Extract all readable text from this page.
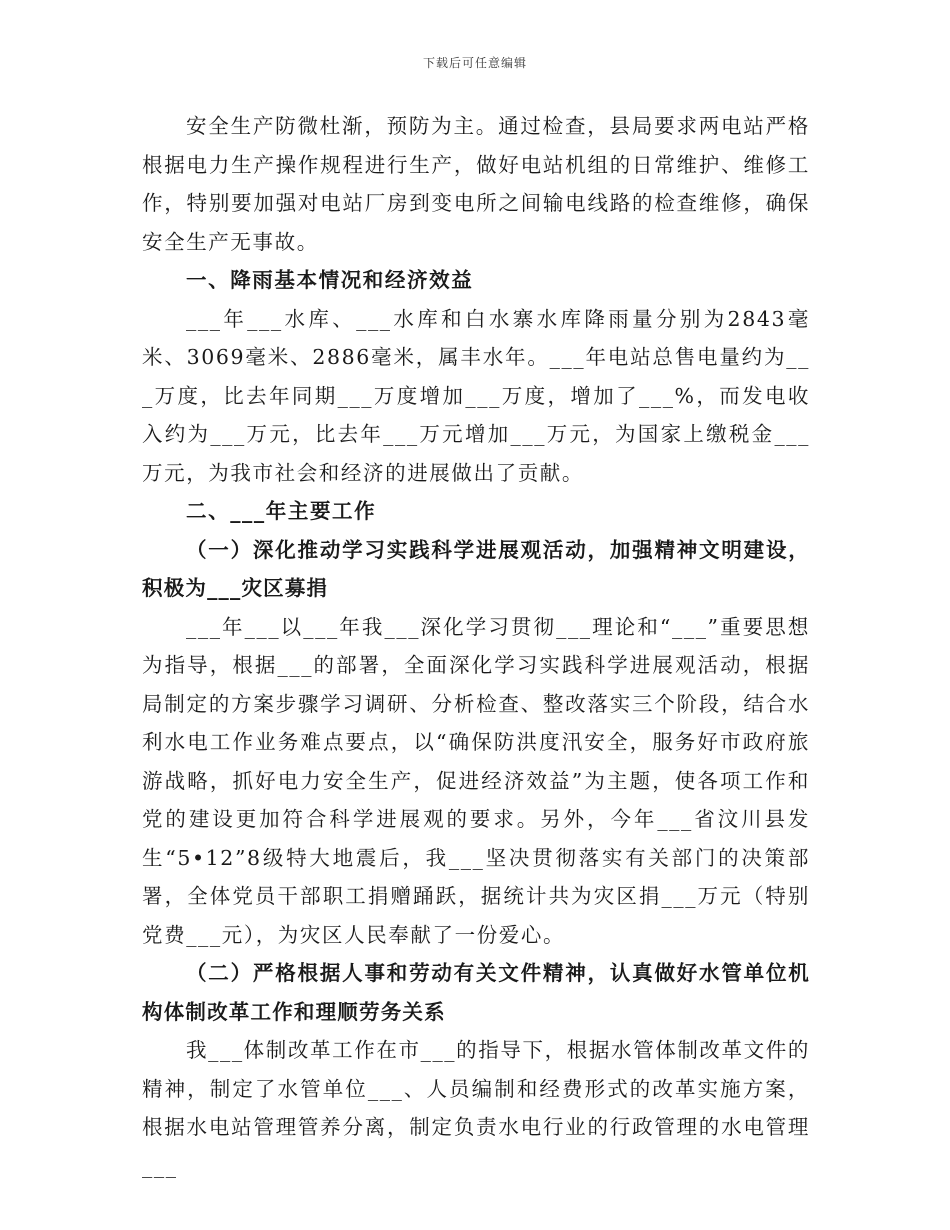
下载后可任意编辑

安全生产防微杜渐，预防为主。通过检查，县局要求两电站严格根据电力生产操作规程进行生产，做好电站机组的日常维护、维修工作，特别要加强对电站厂房到变电所之间输电线路的检查维修，确保安全生产无事故。

一、降雨基本情况和经济效益

___年___水库、___水库和白水寨水库降雨量分别为2843毫米、3069毫米、2886毫米，属丰水年。___年电站总售电量约为___万度，比去年同期___万度增加___万度，增加了___%，而发电收入约为___万元，比去年___万元增加___万元，为国家上缴税金___万元，为我市社会和经济的进展做出了贡献。

二、___年主要工作

（一）深化推动学习实践科学进展观活动，加强精神文明建设，积极为___灾区募捐

___年___以___年我___深化学习贯彻___理论和“___”重要思想为指导，根据___的部署，全面深化学习实践科学进展观活动，根据局制定的方案步骤学习调研、分析检查、整改落实三个阶段，结合水利水电工作业务难点要点，以“确保防洪度汛安全，服务好市政府旅游战略，抓好电力安全生产，促进经济效益”为主题，使各项工作和党的建设更加符合科学进展观的要求。另外，今年___省汶川县发生“5•12”8级特大地震后，我___坚决贯彻落实有关部门的决策部署，全体党员干部职工捐赠踊跃，据统计共为灾区捐___万元（特别党费___元），为灾区人民奉献了一份爱心。

（二）严格根据人事和劳动有关文件精神，认真做好水管单位机构体制改革工作和理顺劳务关系

我___体制改革工作在市___的指导下，根据水管体制改革文件的精神，制定了水管单位___、人员编制和经费形式的改革实施方案，根据水电站管理管养分离，制定负责水电行业的行政管理的水电管理___
